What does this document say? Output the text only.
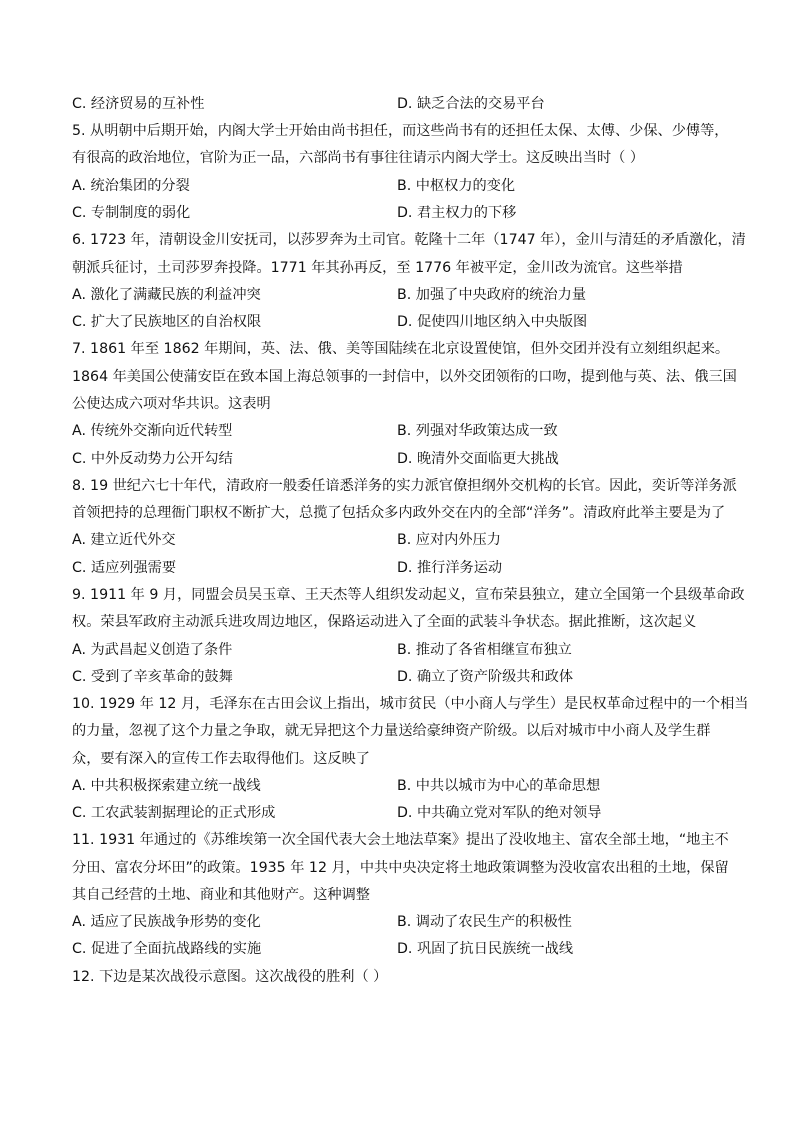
C. 经济贸易的互补性	D. 缺乏合法的交易平台
5. 从明朝中后期开始，内阁大学士开始由尚书担任，而这些尚书有的还担任太保、太傅、少保、少傅等，
有很高的政治地位，官阶为正一品，六部尚书有事往往请示内阁大学士。这反映出当时（ ）
A. 统治集团的分裂	B. 中枢权力的变化
C. 专制制度的弱化	D. 君主权力的下移
6. 1723 年，清朝设金川安抚司，以莎罗奔为土司官。乾隆十二年（1747 年），金川与清廷的矛盾激化，清
朝派兵征讨，土司莎罗奔投降。1771 年其孙再反，至 1776 年被平定，金川改为流官。这些举措
A. 激化了满藏民族的利益冲突	B. 加强了中央政府的统治力量
C. 扩大了民族地区的自治权限	D. 促使四川地区纳入中央版图
7. 1861 年至 1862 年期间，英、法、俄、美等国陆续在北京设置使馆，但外交团并没有立刻组织起来。
1864 年美国公使蒲安臣在致本国上海总领事的一封信中，以外交团领衔的口吻，提到他与英、法、俄三国
公使达成六项对华共识。这表明
A. 传统外交渐向近代转型	B. 列强对华政策达成一致
C. 中外反动势力公开勾结	D. 晚清外交面临更大挑战
8. 19 世纪六七十年代，清政府一般委任谙悉洋务的实力派官僚担纲外交机构的长官。因此，奕䜣等洋务派
首领把持的总理衙门职权不断扩大，总揽了包括众多内政外交在内的全部“洋务”。清政府此举主要是为了
A. 建立近代外交	B. 应对内外压力
C. 适应列强需要	D. 推行洋务运动
9. 1911 年 9 月，同盟会员吴玉章、王天杰等人组织发动起义，宣布荣县独立，建立全国第一个县级革命政
权。荣县军政府主动派兵进攻周边地区，保路运动进入了全面的武装斗争状态。据此推断，这次起义
A. 为武昌起义创造了条件	B. 推动了各省相继宣布独立
C. 受到了辛亥革命的鼓舞	D. 确立了资产阶级共和政体
10. 1929 年 12 月，毛泽东在古田会议上指出，城市贫民（中小商人与学生）是民权革命过程中的一个相当
的力量，忽视了这个力量之争取，就无异把这个力量送给豪绅资产阶级。以后对城市中小商人及学生群
众，要有深入的宣传工作去取得他们。这反映了
A. 中共积极探索建立统一战线	B. 中共以城市为中心的革命思想
C. 工农武装割据理论的正式形成	D. 中共确立党对军队的绝对领导
11. 1931 年通过的《苏维埃第一次全国代表大会土地法草案》提出了没收地主、富农全部土地，“地主不
分田、富农分坏田”的政策。1935 年 12 月，中共中央决定将土地政策调整为没收富农出租的土地，保留
其自己经营的土地、商业和其他财产。这种调整
A. 适应了民族战争形势的变化	B. 调动了农民生产的积极性
C. 促进了全面抗战路线的实施	D. 巩固了抗日民族统一战线
12. 下边是某次战役示意图。这次战役的胜利（ ）
